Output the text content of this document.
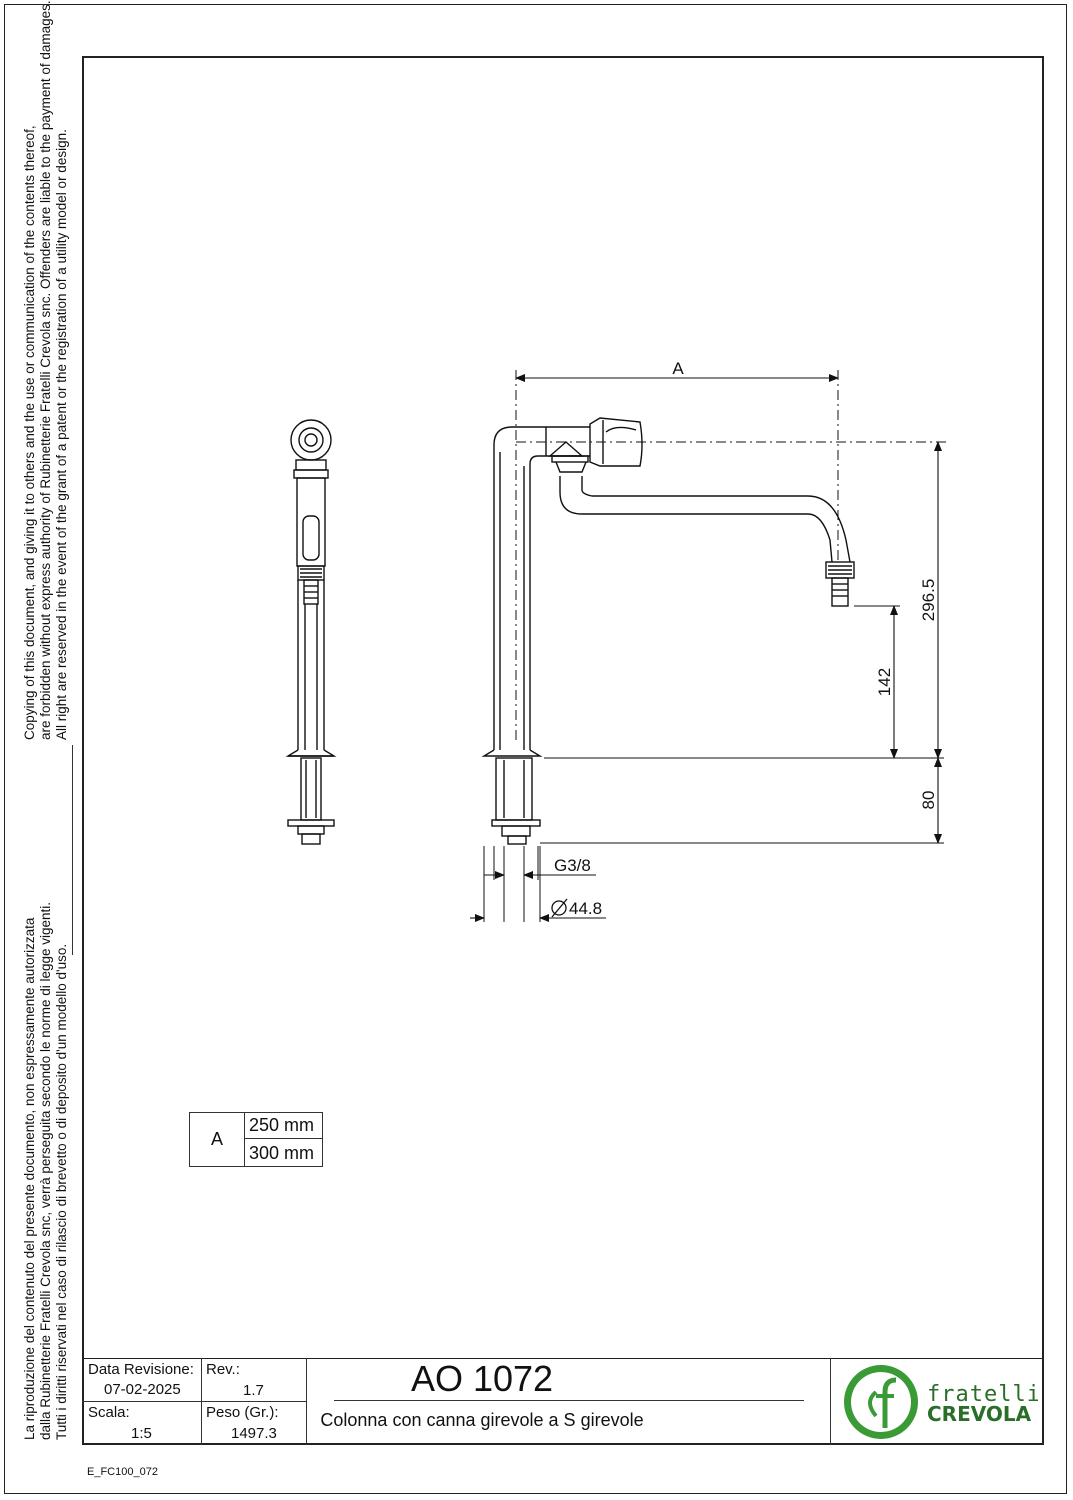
Copying of this document, and giving it to others and the use or communication of the contents thereof, are forbidden without express authority of Rubinetterie Fratelli Crevola snc. Offenders are liable to the payment of damages. All right are reserved in the event of the grant of a patent or the registration of a utility model or design.
La riproduzione del contenuto del presente documento, non espressamente autorizzata dalla Rubinetterie Fratelli Crevola snc, verrà perseguita secondo le norme di legge vigenti. Tutti i diritti riservati nel caso di rilascio di brevetto o di deposito d'un modello d'uso.
A
296.5
142
80
G3/8
44.8
A
250 mm
300 mm
Data Revisione:
07-02-2025
Rev.:
1.7
Scala:
1:5
Peso (Gr.):
1497.3
AO 1072
Colonna con canna girevole a S girevole
fratelli
CREVOLA
E_FC100_072
